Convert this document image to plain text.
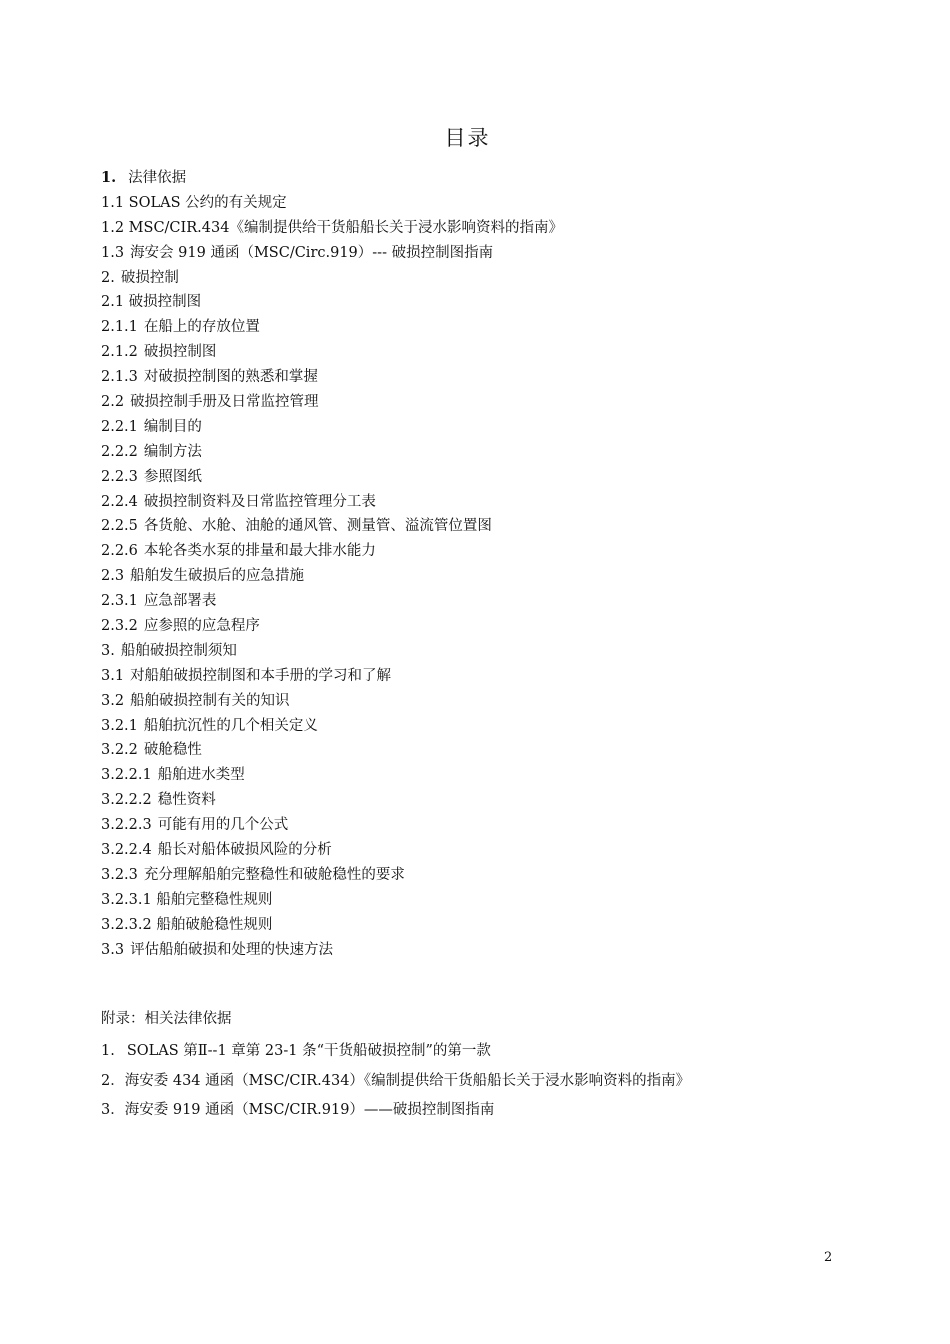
目录
1. 法律依据
1.1 SOLAS 公约的有关规定
1.2 MSC/CIR.434《编制提供给干货船船长关于浸水影响资料的指南》
1.3 海安会 919 通函（MSC/Circ.919）--- 破损控制图指南
2. 破损控制
2.1 破损控制图
2.1.1 在船上的存放位置
2.1.2 破损控制图
2.1.3 对破损控制图的熟悉和掌握
2.2 破损控制手册及日常监控管理
2.2.1 编制目的
2.2.2 编制方法
2.2.3 参照图纸
2.2.4 破损控制资料及日常监控管理分工表
2.2.5 各货舱、水舱、油舱的通风管、测量管、溢流管位置图
2.2.6 本轮各类水泵的排量和最大排水能力
2.3 船舶发生破损后的应急措施
2.3.1 应急部署表
2.3.2 应参照的应急程序
3. 船舶破损控制须知
3.1 对船舶破损控制图和本手册的学习和了解
3.2 船舶破损控制有关的知识
3.2.1 船舶抗沉性的几个相关定义
3.2.2 破舱稳性
3.2.2.1 船舶进水类型
3.2.2.2 稳性资料
3.2.2.3 可能有用的几个公式
3.2.2.4 船长对船体破损风险的分析
3.2.3 充分理解船舶完整稳性和破舱稳性的要求
3.2.3.1 船舶完整稳性规则
3.2.3.2 船舶破舱稳性规则
3.3 评估船舶破损和处理的快速方法
附录：相关法律依据
1. SOLAS 第Ⅱ--1 章第 23-1 条“干货船破损控制”的第一款
2．海安委 434 通函（MSC/CIR.434）《编制提供给干货船船长关于浸水影响资料的指南》
3．海安委 919 通函（MSC/CIR.919）——破损控制图指南
2
